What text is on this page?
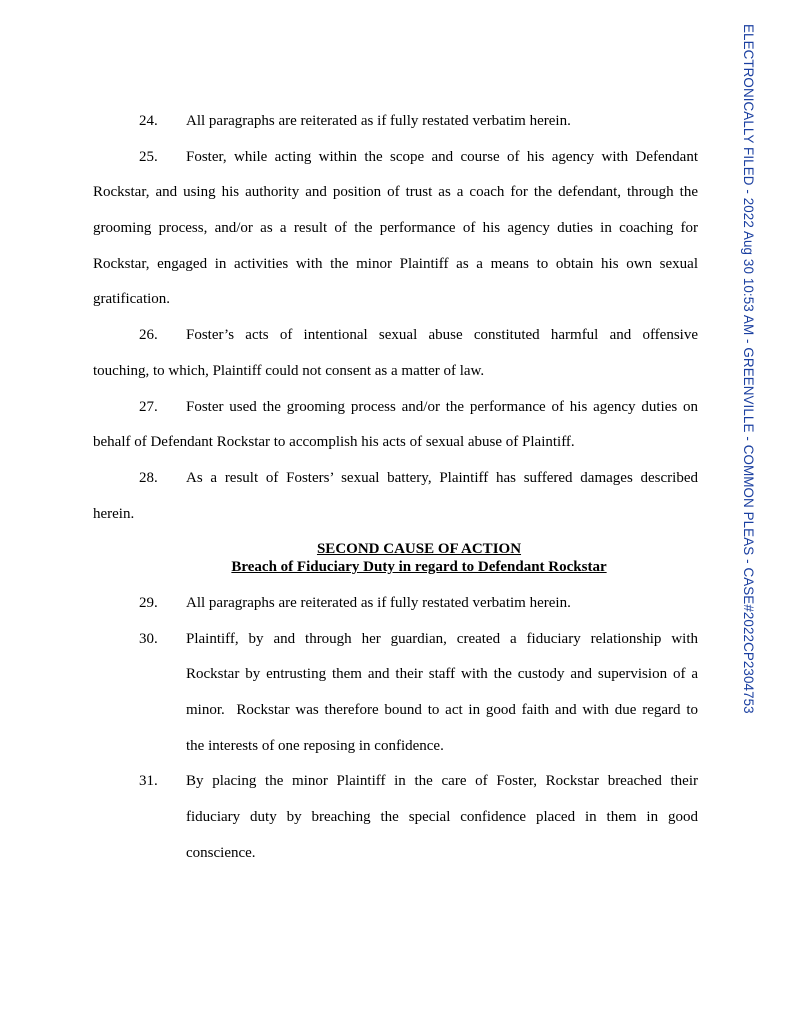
ELECTRONICALLY FILED - 2022 Aug 30 10:53 AM - GREENVILLE - COMMON PLEAS - CASE#2022CP2304753
24. All paragraphs are reiterated as if fully restated verbatim herein.
25. Foster, while acting within the scope and course of his agency with Defendant
Rockstar, and using his authority and position of trust as a coach for the defendant, through the
grooming process, and/or as a result of the performance of his agency duties in coaching for
Rockstar, engaged in activities with the minor Plaintiff as a means to obtain his own sexual
gratification.
26. Foster’s acts of intentional sexual abuse constituted harmful and offensive
touching, to which, Plaintiff could not consent as a matter of law.
27. Foster used the grooming process and/or the performance of his agency duties on
behalf of Defendant Rockstar to accomplish his acts of sexual abuse of Plaintiff.
28. As a result of Fosters’ sexual battery, Plaintiff has suffered damages described
herein.
SECOND CAUSE OF ACTION
Breach of Fiduciary Duty in regard to Defendant Rockstar
29. All paragraphs are reiterated as if fully restated verbatim herein.
30. Plaintiff, by and through her guardian, created a fiduciary relationship with
Rockstar by entrusting them and their staff with the custody and supervision of a
minor.  Rockstar was therefore bound to act in good faith and with due regard to
the interests of one reposing in confidence.
31. By placing the minor Plaintiff in the care of Foster, Rockstar breached their
fiduciary duty by breaching the special confidence placed in them in good
conscience.
